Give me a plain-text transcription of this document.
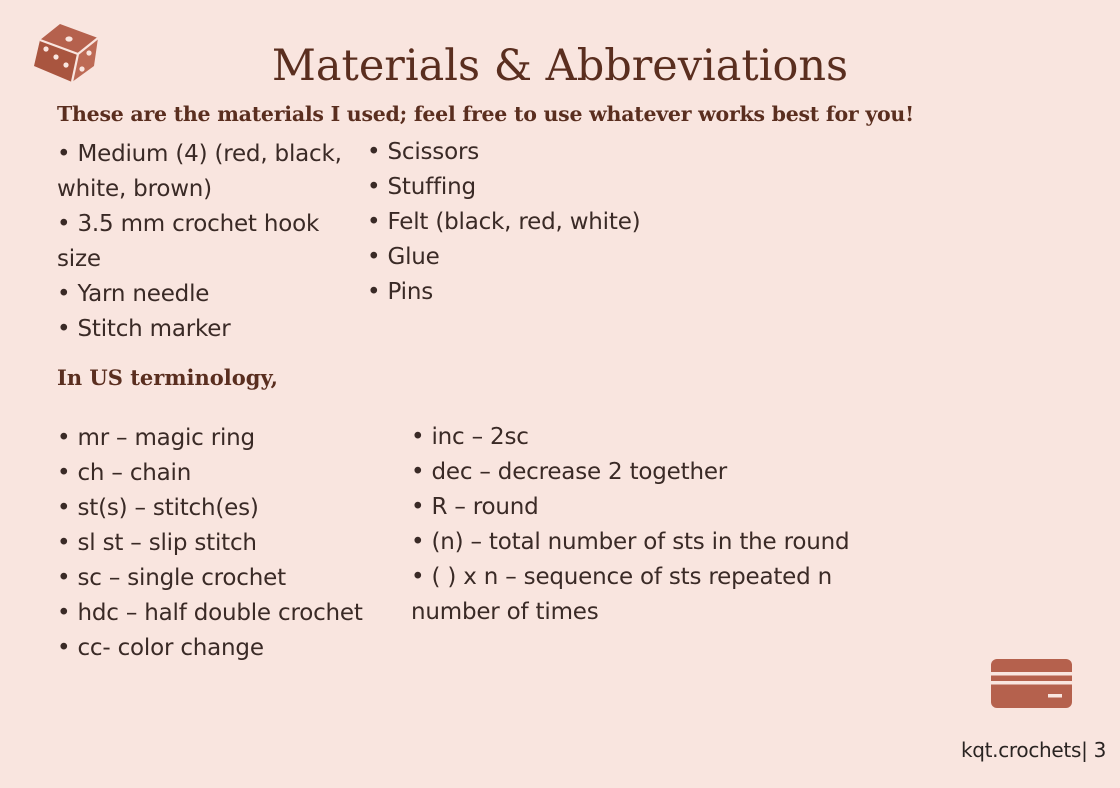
Materials & Abbreviations

These are the materials I used; feel free to use whatever works best for you!

• Medium (4) (red, black, white, brown)
• 3.5 mm crochet hook size
• Yarn needle
• Stitch marker
• Scissors
• Stuffing
• Felt (black, red, white)
• Glue
• Pins

In US terminology,

• mr – magic ring
• ch – chain
• st(s) – stitch(es)
• sl st – slip stitch
• sc – single crochet
• hdc – half double crochet
• cc- color change
• inc – 2sc
• dec – decrease 2 together
• R – round
• (n) – total number of sts in the round
• ( ) x n – sequence of sts repeated n number of times
kqt.crochets| 3
